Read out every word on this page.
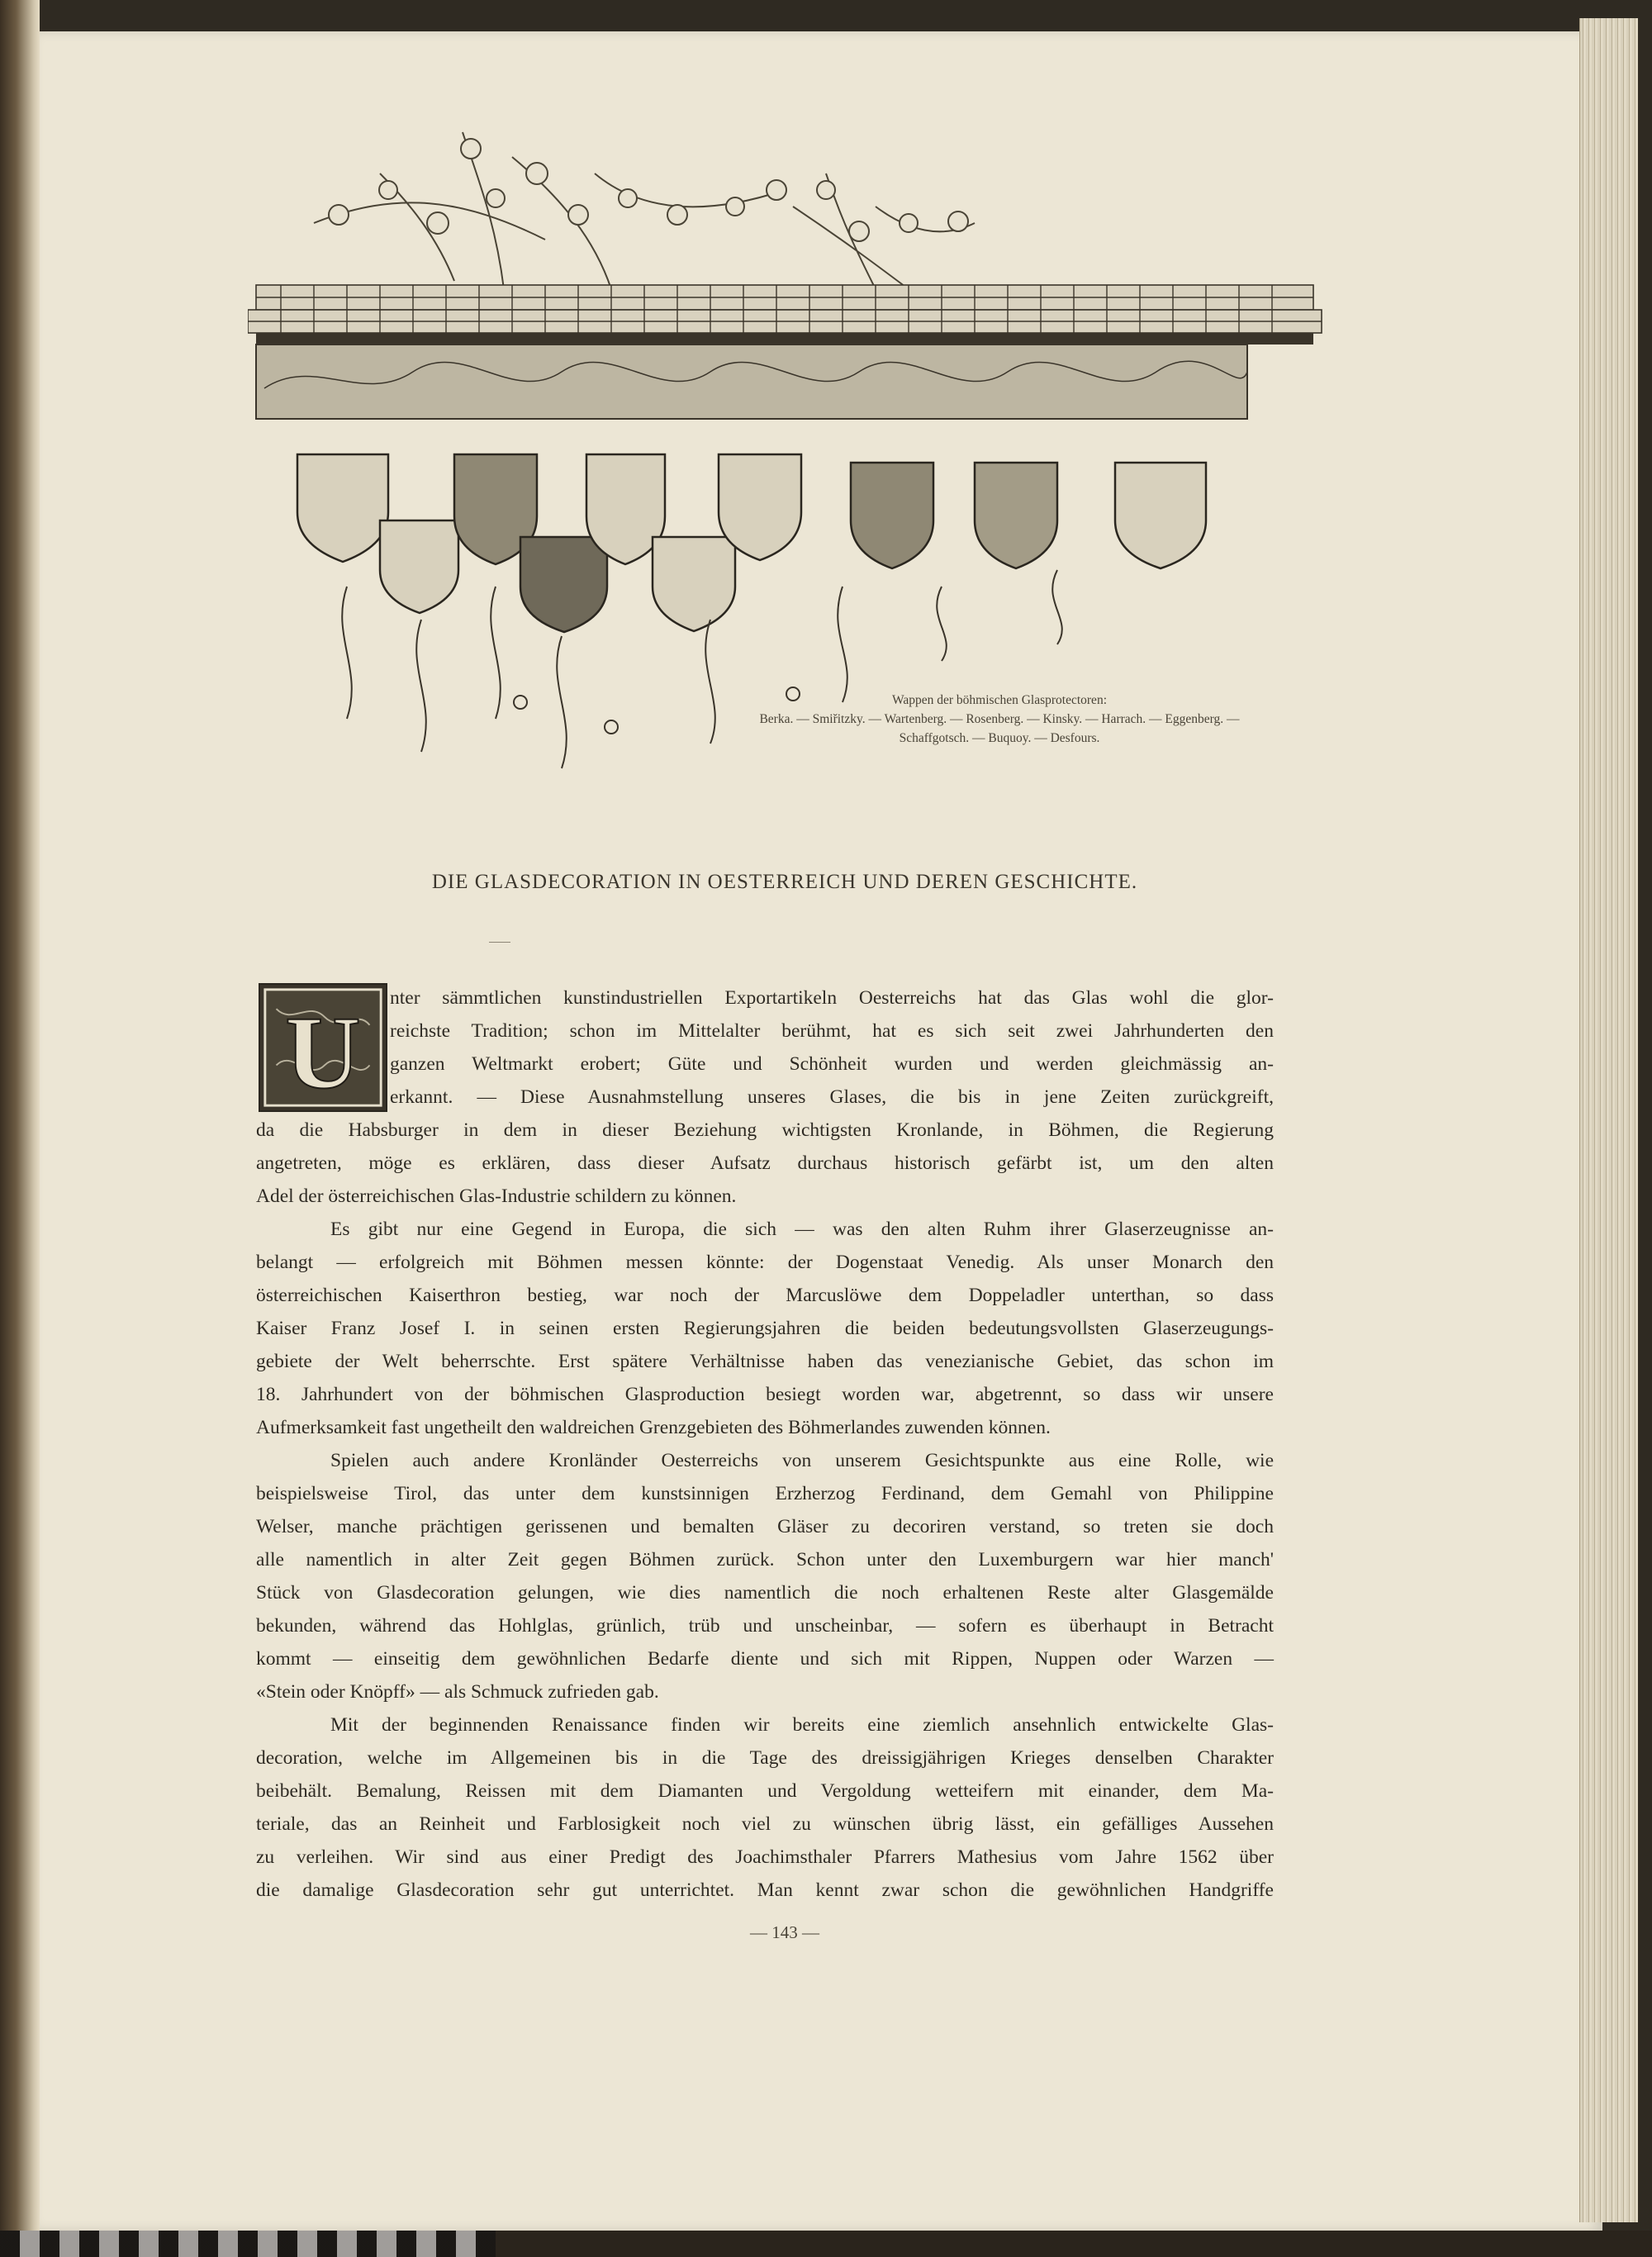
Wappen der böhmischen Glasprotectoren:
Berka. — Smiřitzky. — Wartenberg. — Rosenberg. — Kinsky. — Harrach. — Eggenberg. —
Schaffgotsch. — Buquoy. — Desfours.
DIE GLASDECORATION IN OESTERREICH UND DEREN GESCHICHTE.
U nter sämmtlichen kunstindustriellen Exportartikeln Oesterreichs hat das Glas wohl die glor-
reichste Tradition; schon im Mittelalter berühmt, hat es sich seit zwei Jahrhunderten den
ganzen Weltmarkt erobert; Güte und Schönheit wurden und werden gleichmässig an-
erkannt. — Diese Ausnahmstellung unseres Glases, die bis in jene Zeiten zurückgreift,
da die Habsburger in dem in dieser Beziehung wichtigsten Kronlande, in Böhmen, die Regierung
angetreten, möge es erklären, dass dieser Aufsatz durchaus historisch gefärbt ist, um den alten
Adel der österreichischen Glas-Industrie schildern zu können.
Es gibt nur eine Gegend in Europa, die sich — was den alten Ruhm ihrer Glaserzeugnisse an-
belangt — erfolgreich mit Böhmen messen könnte: der Dogenstaat Venedig. Als unser Monarch den
österreichischen Kaiserthron bestieg, war noch der Marcuslöwe dem Doppeladler unterthan, so dass
Kaiser Franz Josef I. in seinen ersten Regierungsjahren die beiden bedeutungsvollsten Glaserzeugungs-
gebiete der Welt beherrschte. Erst spätere Verhältnisse haben das venezianische Gebiet, das schon im
18. Jahrhundert von der böhmischen Glasproduction besiegt worden war, abgetrennt, so dass wir unsere
Aufmerksamkeit fast ungetheilt den waldreichen Grenzgebieten des Böhmerlandes zuwenden können.
Spielen auch andere Kronländer Oesterreichs von unserem Gesichtspunkte aus eine Rolle, wie
beispielsweise Tirol, das unter dem kunstsinnigen Erzherzog Ferdinand, dem Gemahl von Philippine
Welser, manche prächtigen gerissenen und bemalten Gläser zu decoriren verstand, so treten sie doch
alle namentlich in alter Zeit gegen Böhmen zurück. Schon unter den Luxemburgern war hier manch'
Stück von Glasdecoration gelungen, wie dies namentlich die noch erhaltenen Reste alter Glasgemälde
bekunden, während das Hohlglas, grünlich, trüb und unscheinbar, — sofern es überhaupt in Betracht
kommt — einseitig dem gewöhnlichen Bedarfe diente und sich mit Rippen, Nuppen oder Warzen —
«Stein oder Knöpff» — als Schmuck zufrieden gab.
Mit der beginnenden Renaissance finden wir bereits eine ziemlich ansehnlich entwickelte Glas-
decoration, welche im Allgemeinen bis in die Tage des dreissigjährigen Krieges denselben Charakter
beibehält. Bemalung, Reissen mit dem Diamanten und Vergoldung wetteifern mit einander, dem Ma-
teriale, das an Reinheit und Farblosigkeit noch viel zu wünschen übrig lässt, ein gefälliges Aussehen
zu verleihen. Wir sind aus einer Predigt des Joachimsthaler Pfarrers Mathesius vom Jahre 1562 über
die damalige Glasdecoration sehr gut unterrichtet. Man kennt zwar schon die gewöhnlichen Handgriffe
— 143 —
